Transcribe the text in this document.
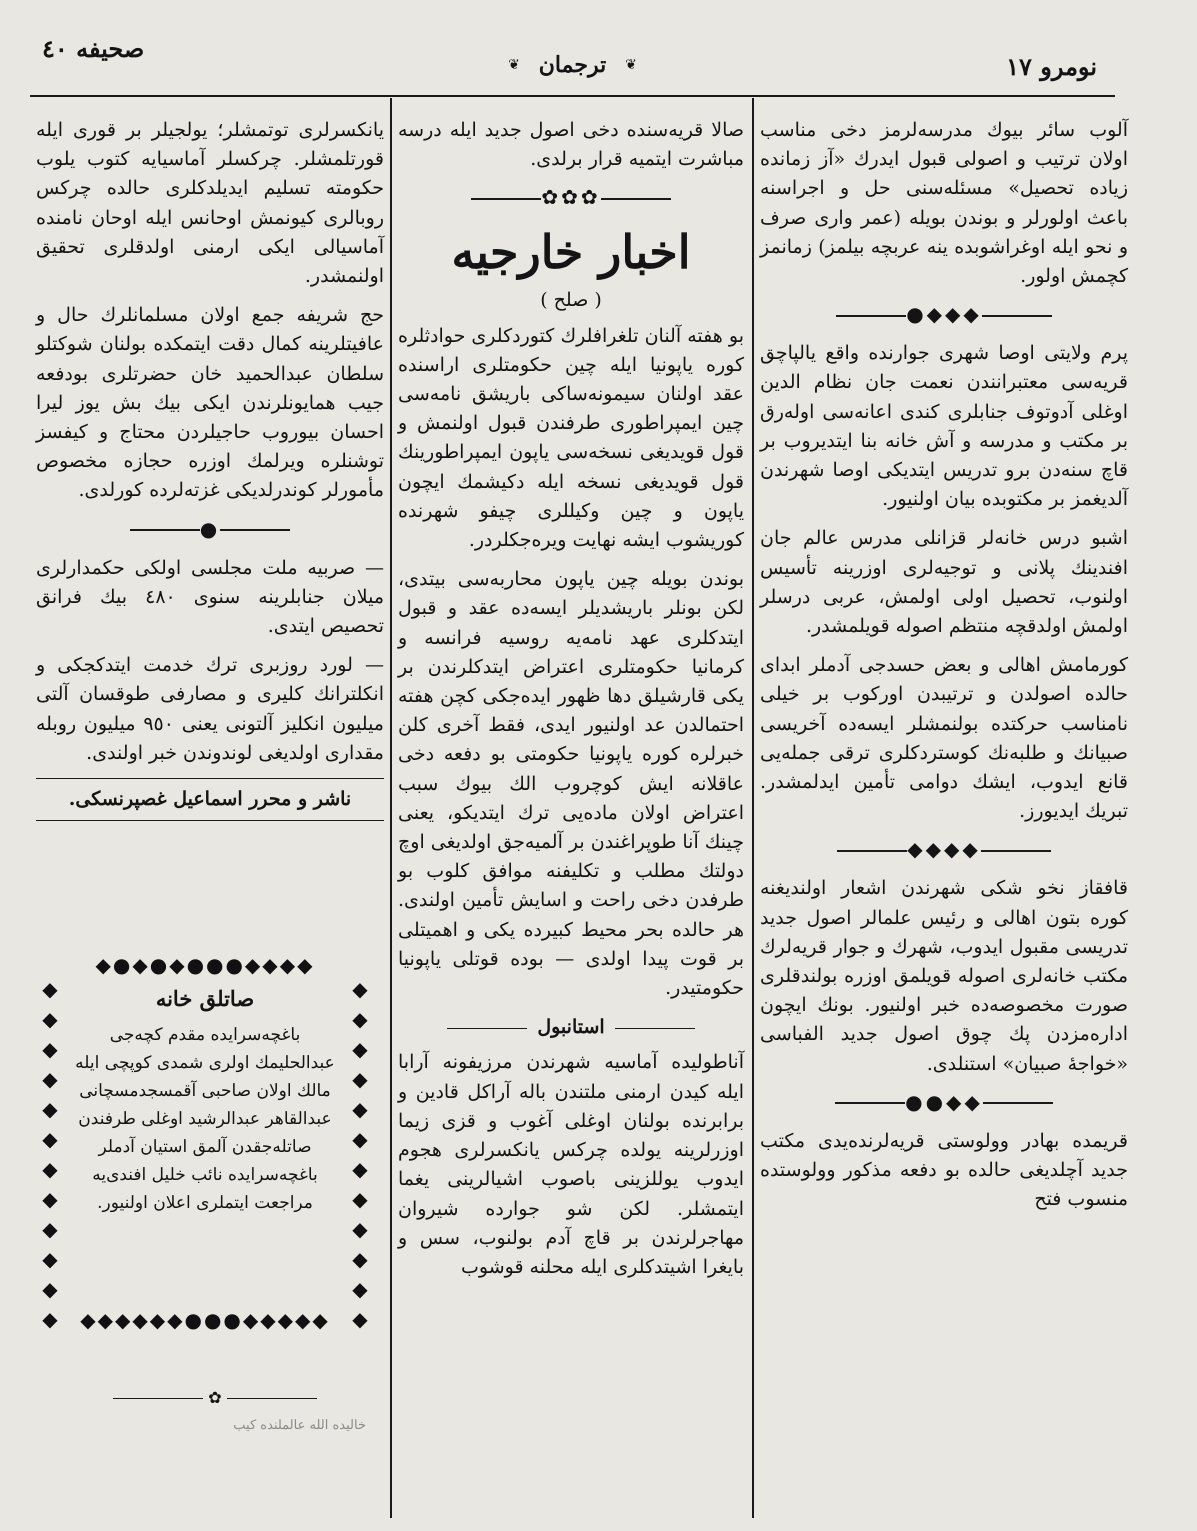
صحیفه ٤٠
❦ ترجمان ❦	نومرو ١٧

آلوب سائر بیوك مدرسه‌لرمز دخی مناسب اولان ترتیب و اصولی قبول ایدرك «آز زمانده زیاده تحصیل» مسئله‌سنی حل و اجراسنه باعث اولورلر و بوندن بویله (عمر واری صرف و نحو ایله اوغراشوبده ینه عربچه بیلمز) زمانمز کچمش اولور.

●◆◆◆

پرم ولایتی اوصا شهری جوارنده واقع یالپاچق قریه‌سی معتبرانندن نعمت جان نظام الدین اوغلی آدوتوف جنابلری کندی اعانه‌سی اوله‌رق بر مکتب و مدرسه و آش خانه بنا ایتدیروب بر قاچ سنه‌دن برو تدریس ایتدیکی اوصا شهرندن آلدیغمز بر مکتوبده بیان اولنیور.

اشبو درس خانه‌لر قزانلی مدرس عالم جان افندینك پلانی و توجیه‌لری اوزرینه تأسیس اولنوب، تحصیل اولی اولمش، عربی درسلر اولمش اولدقچه منتظم اصوله قویلمشدر.

کورمامش اهالی و بعض حسدجی آدملر ابدای حالده اصولدن و ترتیبدن اورکوب بر خیلی نامناسب حرکتده بولنمشلر ایسه‌ده آخریسی صبیانك و طلبه‌نك کوستردکلری ترقی جمله‌یی قانع ایدوب، ایشك دوامی تأمین ایدلمشدر. تبریك ایدیورز.

◆◆◆◆

قافقاز نخو شکی شهرندن اشعار اولندیغنه کوره بتون اهالی و رئیس علمالر اصول جدید تدریسی مقبول ایدوب، شهرك و جوار قریه‌لرك مکتب خانه‌لری اصوله قویلمق اوزره بولندقلری صورت مخصوصه‌ده خبر اولنیور. بونك ایچون ادار‌ه‌مزدن پك چوق اصول جدید الفباسی «خواجهٔ صبیان» استنلدی.

●●◆◆

قریمده بهادر وولوستی قریه‌لرنده‌یدی مکتب جدید آچلدیغی حالده بو دفعه مذکور وولوستده منسوب فتح

صالا قریه‌سنده دخی اصول جدید ایله درسه مباشرت ایتمیه قرار برلدی.

✿✿✿
اخبار خارجیه
( صلح )

بو هفته آلنان تلغرافلرك کتوردکلری حوادثلره کوره یاپونیا ایله چین حکومتلری ارا‌سنده عقد اولنان سیمونه‌ساکی باریشق نامه‌سی چین ایمپراطوری طرفندن قبول اولنمش و قول قویدیغی نسخه‌سی یاپون ایمپراطورینك قول قویدیغی نسخه ایله دکیشمك ایچون یاپون و چین وکیللری چیفو شهرنده کوریشوب ایشه نهایت ویره‌جکلردر.

بوندن بویله چین یاپون محاربه‌سی بیتدی، لکن بونلر باریشدیلر ایسه‌ده عقد و قبول ایتدکلری عهد نامه‌یه روسیه فرانسه و کرمانیا حکومتلری اعتراض ایتدکلرندن بر یکی قارشیلق دها ظهور ایده‌جکی کچن هفته احتمالدن عد اولنیور ایدی، فقط آخری کلن خبرلره کوره یاپونیا حکومتی بو دفعه دخی عاقلانه ایش کوچروب الك بیوك سبب اعتراض اولان ماده‌یی ترك ایتدیکو، یعنی چینك آنا طوپراغندن بر آلمیه‌جق اولدیغی اوچ دولتك مطلب و تکلیفنه موافق کلوب بو طرفدن دخی راحت و اسایش تأمین اولندی. هر حالده بحر محیط کبیرده یکی و اهمیتلی بر قوت پیدا اولدی — بوده قوتلی یاپونیا حکومتیدر.

استانبول

آناطولیده آماسیه شهرندن مرزیفونه آرابا ایله کیدن ارمنی ملتندن باله آراکل قادین و برابرنده بولنان اوغلی آغوب و قزی زیما اوزرلرینه یولده چرکس یانکسرلری هجوم ایدوب یوللزینی باصوب اشیالرینی یغما ایتمشلر. لکن شو جوارده شیروان مهاجرلرندن بر قاچ آدم بولنوب، سس و بایغرا اشیتدکلری ایله محلنه قوشوب

یانکسرلری توتمشلر؛ یولجیلر بر قوری ایله قورتلمشلر. چرکسلر آماسیایه کتوب یلوب حکومته تسلیم ایدیلدکلری حالده چرکس روبالری کیونمش اوحانس ایله اوحان نامنده آماسیالی ایکی ارمنی اولدقلری تحقیق اولنمشدر.

حج شریفه جمع اولان مسلمانلرك حال و عافیتلرینه کمال دقت ایتمکده بولنان شوکتلو سلطان عبدالحمید خان حضرتلری بودفعه جیب همایونلرندن ایکی بیك بش یوز لیرا احسان بیوروب حاجیلردن محتاج و کیفسز توشنلره ویرلمك اوزره حجازه مخصوص مأمورلر کوندرلدیکی غزته‌لرده کورلدی.

●

— صربیه ملت مجلسی اولکی حکمدارلری میلان جنابلرینه سنوی ٤٨٠ بیك فرانق تحصیص ایتدی.

— لورد روزبری ترك خدمت ایتدکجکی و انکلترانك کلیری و مصارفی طوقسان آلتی میلیون انکلیز آلتونی یعنی ٩٥٠ میلیون روبله مقداری اولدیغی لوندوندن خبر اولندی.

ناشر و محرر اسماعیل غصپرنسکی.
◆●◆●◆●●●◆◆◆◆
◆◆◆◆◆◆◆◆◆◆◆◆	◆◆◆◆◆◆◆◆◆◆◆◆
◆◆◆◆◆◆●●●◆◆◆◆◆
صاتلق خانه
باغچه‌سرایده مقدم کچه‌جی عبدالحلیمك اولری شمدی کوپچی ایله مالك اولان صاحبی آقمسجدمسچانی عبدالقاهر عبدالرشید اوغلی طرفندن صاتله‌جقدن آلمق استیان آدملر باغچه‌سرایده نائب خلیل افندی‌یه مراجعت ایتملری اعلان اولنیور.
✿
خالیده الله عالملنده کیب
